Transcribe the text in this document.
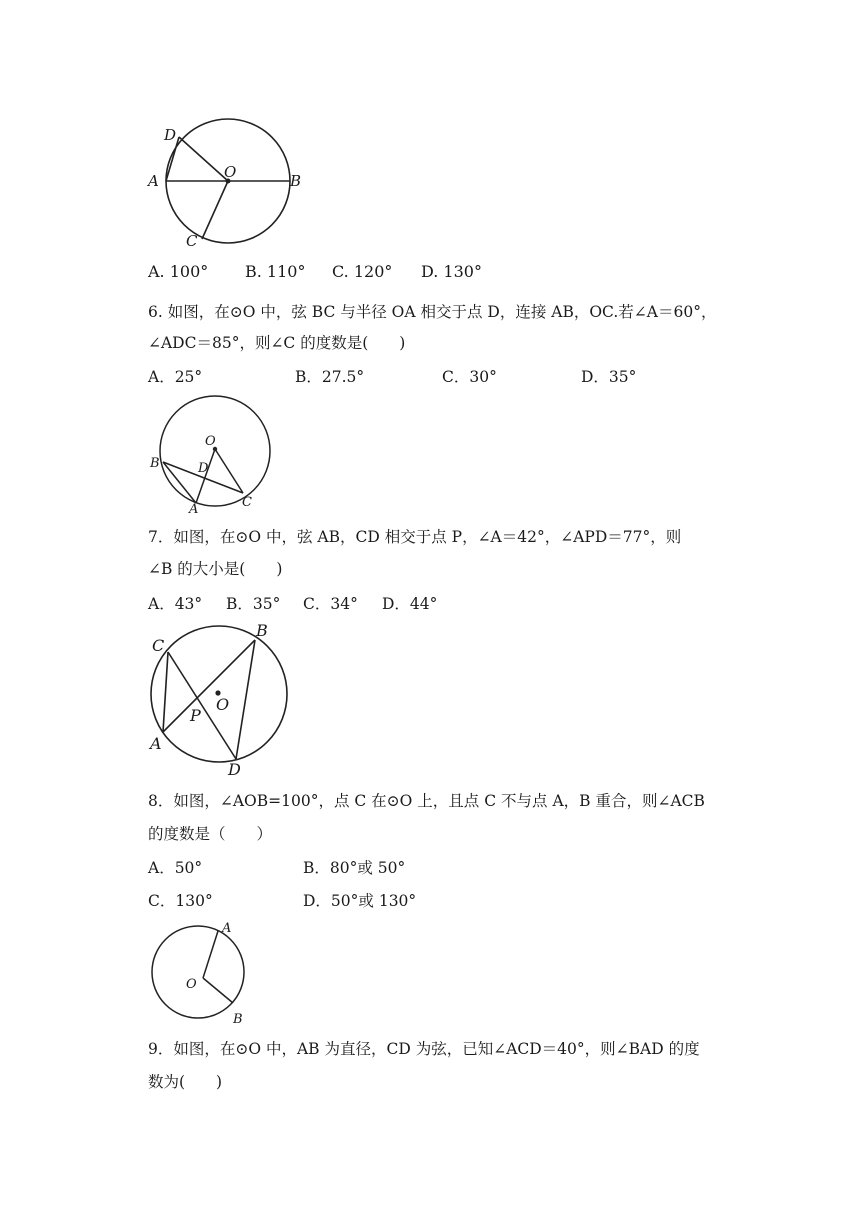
D
A	O	B
C
A. 100° B. 110° C. 120° D. 130°
6. 如图，在⊙O 中，弦 BC 与半径 OA 相交于点 D，连接 AB，OC.若∠A＝60°，
∠ADC＝85°，则∠C 的度数是(　　)
A．25°	B．27.5°	C．30°	D．35°
O
B	D
C
A
7．如图，在⊙O 中，弦 AB，CD 相交于点 P，∠A＝42°，∠APD＝77°，则
∠B 的大小是(　　)
A．43° B．35° C．34° D．44°
C
B
O
P
A
D
8．如图，∠AOB=100°，点 C 在⊙O 上，且点 C 不与点 A，B 重合，则∠ACB
的度数是（　　）
A．50°	B．80°或 50°
C．130°	D．50°或 130°
A
O
B
9．如图，在⊙O 中，AB 为直径，CD 为弦，已知∠ACD＝40°，则∠BAD 的度
数为(　　)
